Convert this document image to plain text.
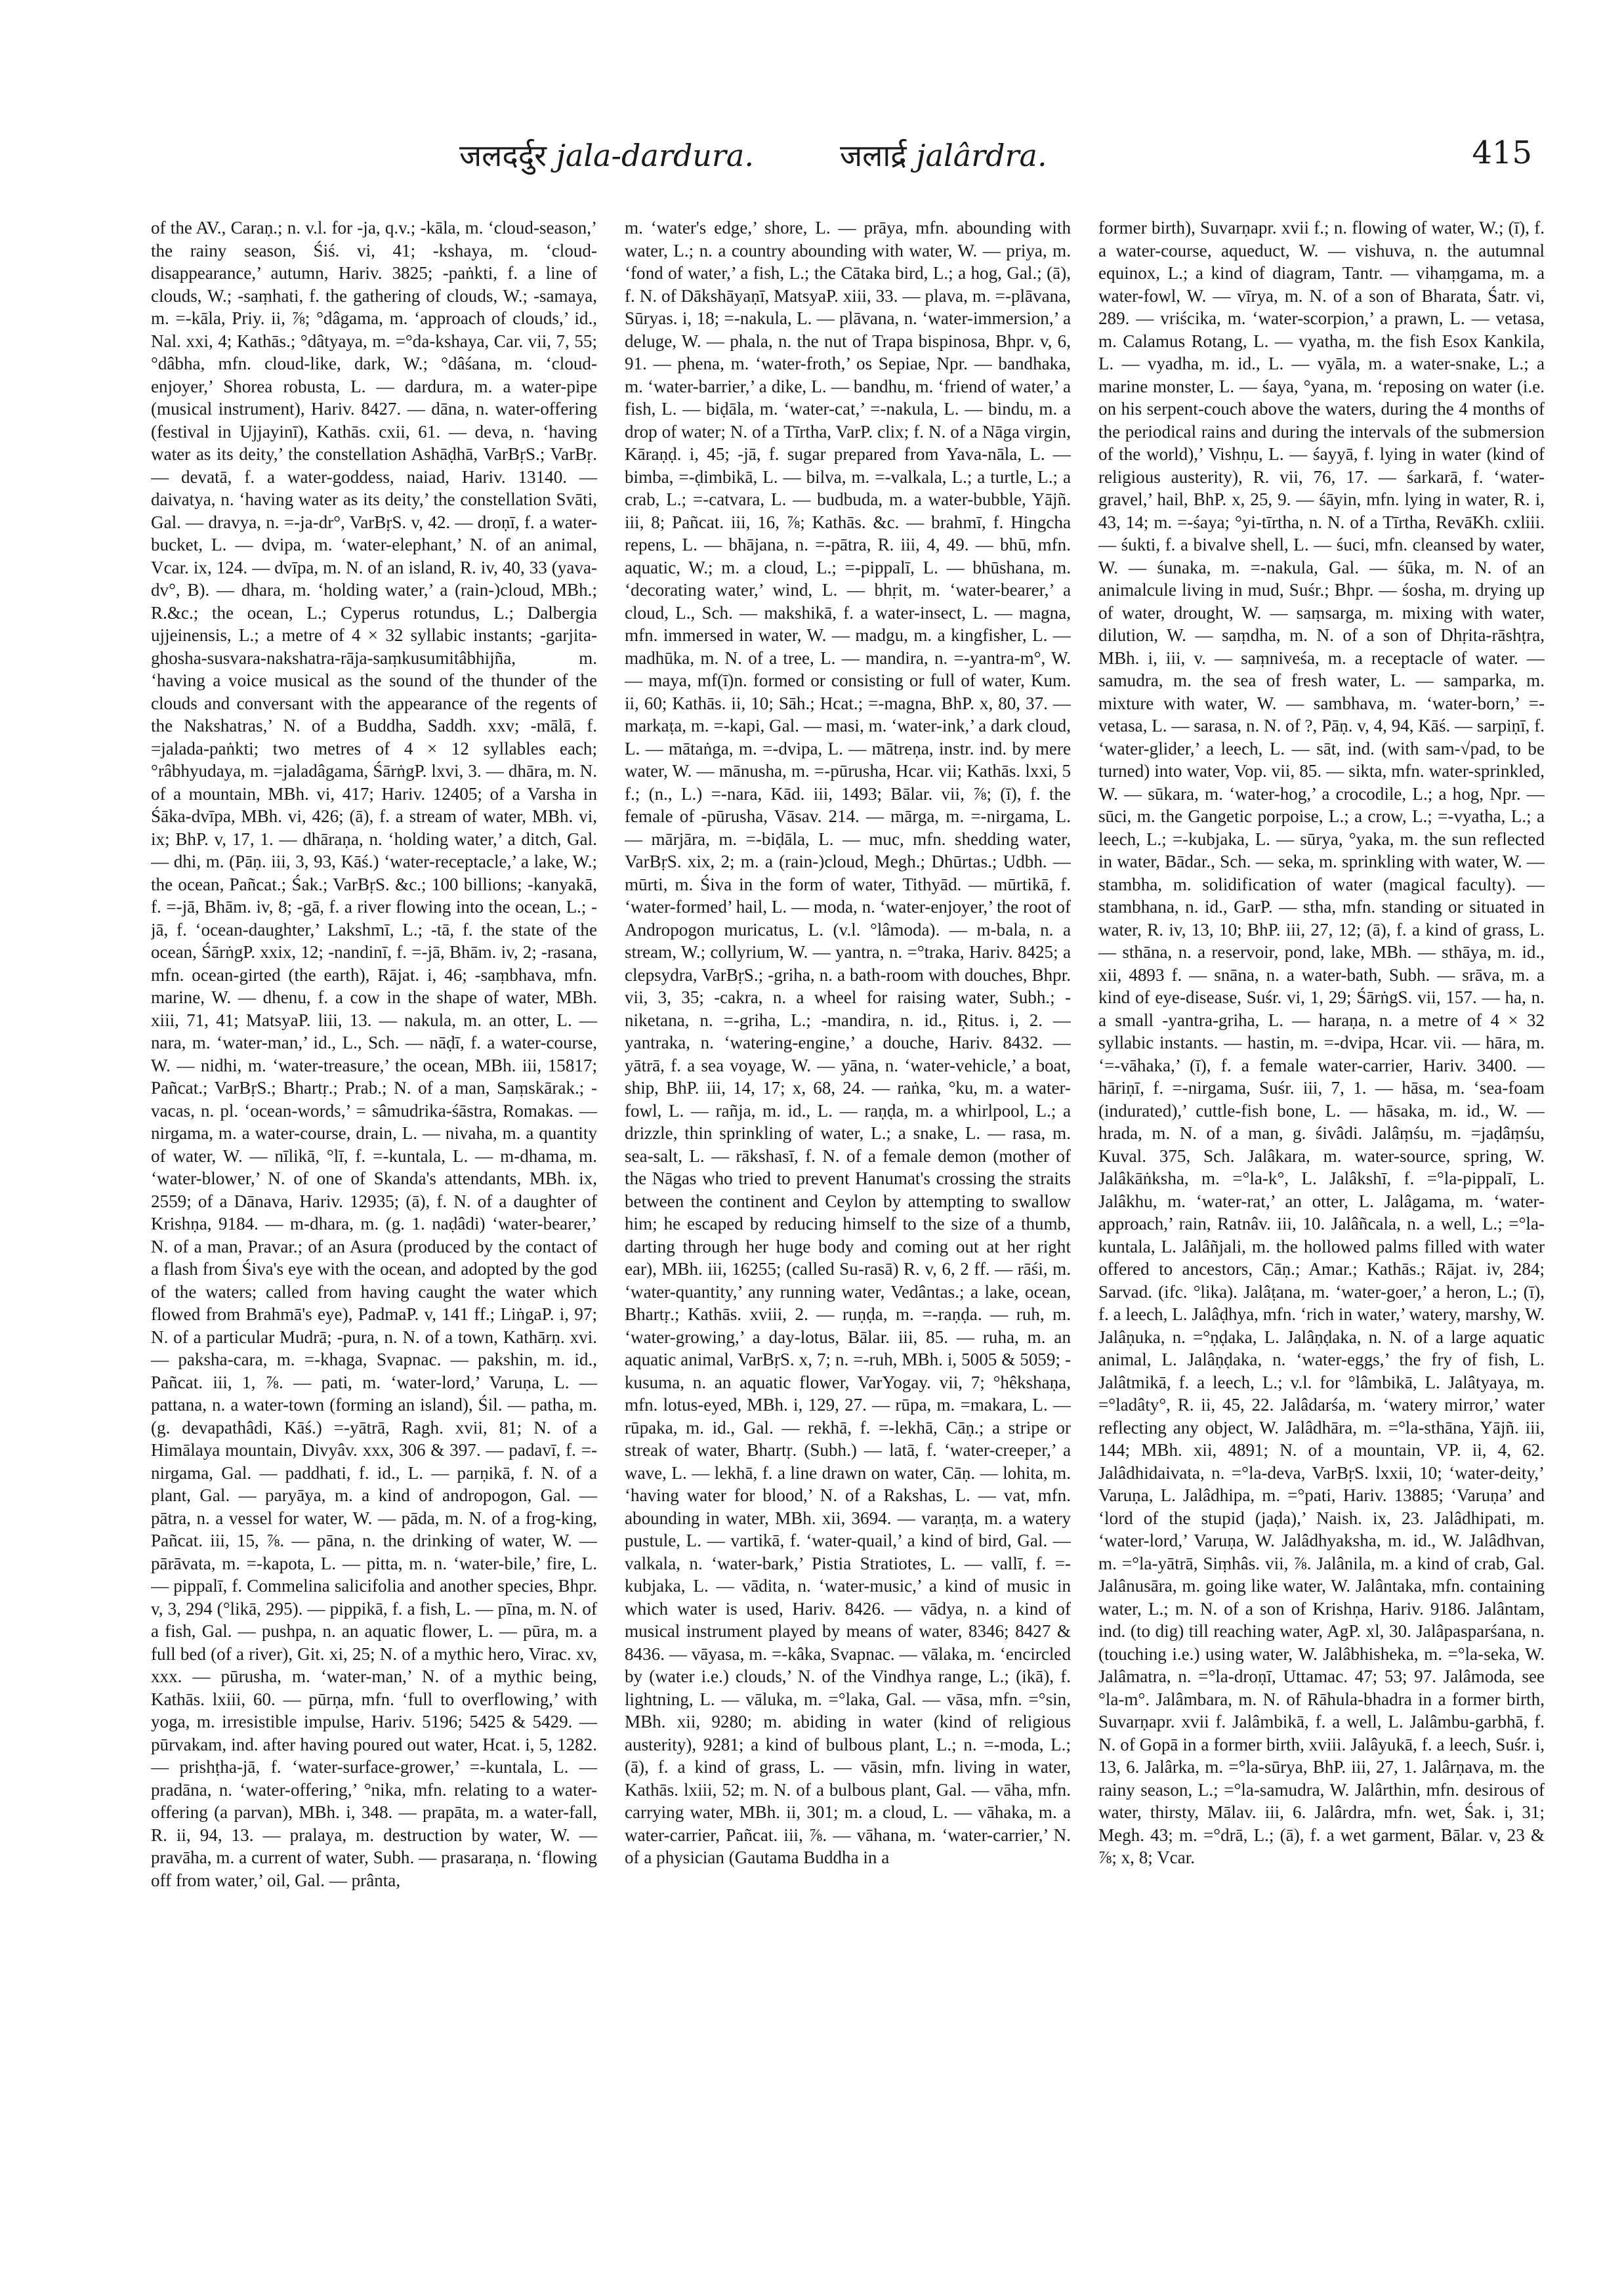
जलदर्दुर jala-dardura.	जलार्द्र jalârdra.	415

of the AV., Caraṇ.; n. v.l. for -ja, q.v.; -kāla, m. ‘cloud-season,’ the rainy season, Śiś. vi, 41; -kshaya, m. ‘cloud-disappearance,’ autumn, Hariv. 3825; -paṅkti, f. a line of clouds, W.; -saṃhati, f. the gathering of clouds, W.; -samaya, m. =-kāla, Priy. ii, ⅞; °dâgama, m. ‘approach of clouds,’ id., Nal. xxi, 4; Kathās.; °dâtyaya, m. =°da-kshaya, Car. vii, 7, 55; °dâbha, mfn. cloud-like, dark, W.; °dâśana, m. ‘cloud-enjoyer,’ Shorea robusta, L. — dardura, m. a water-pipe (musical instrument), Hariv. 8427. — dāna, n. water-offering (festival in Ujjayinī), Kathās. cxii, 61. — deva, n. ‘having water as its deity,’ the constellation Ashāḍhā, VarBṛS.; VarBṛ. — devatā, f. a water-goddess, naiad, Hariv. 13140. — daivatya, n. ‘having water as its deity,’ the constellation Svāti, Gal. — dravya, n. =-ja-dr°, VarBṛS. v, 42. — droṇī, f. a water-bucket, L. — dvipa, m. ‘water-elephant,’ N. of an animal, Vcar. ix, 124. — dvīpa, m. N. of an island, R. iv, 40, 33 (yava-dv°, B). — dhara, m. ‘holding water,’ a (rain-)cloud, MBh.; R.&c.; the ocean, L.; Cyperus rotundus, L.; Dalbergia ujjeinensis, L.; a metre of 4 × 32 syllabic instants; -garjita-ghosha-susvara-nakshatra-rāja-saṃkusumitâbhijña, m. ‘having a voice musical as the sound of the thunder of the clouds and conversant with the appearance of the regents of the Nakshatras,’ N. of a Buddha, Saddh. xxv; -mālā, f. =jalada-paṅkti; two metres of 4 × 12 syllables each; °râbhyudaya, m. =jaladâgama, ŚārṅgP. lxvi, 3. — dhāra, m. N. of a mountain, MBh. vi, 417; Hariv. 12405; of a Varsha in Śāka-dvīpa, MBh. vi, 426; (ā), f. a stream of water, MBh. vi, ix; BhP. v, 17, 1. — dhāraṇa, n. ‘holding water,’ a ditch, Gal. — dhi, m. (Pāṇ. iii, 3, 93, Kāś.) ‘water-receptacle,’ a lake, W.; the ocean, Pañcat.; Śak.; VarBṛS. &c.; 100 billions; -kanyakā, f. =-jā, Bhām. iv, 8; -gā, f. a river flowing into the ocean, L.; -jā, f. ‘ocean-daughter,’ Lakshmī, L.; -tā, f. the state of the ocean, ŚārṅgP. xxix, 12; -nandinī, f. =-jā, Bhām. iv, 2; -rasana, mfn. ocean-girted (the earth), Rājat. i, 46; -saṃbhava, mfn. marine, W. — dhenu, f. a cow in the shape of water, MBh. xiii, 71, 41; MatsyaP. liii, 13. — nakula, m. an otter, L. — nara, m. ‘water-man,’ id., L., Sch. — nāḍī, f. a water-course, W. — nidhi, m. ‘water-treasure,’ the ocean, MBh. iii, 15817; Pañcat.; VarBṛS.; Bhartṛ.; Prab.; N. of a man, Saṃskārak.; -vacas, n. pl. ‘ocean-words,’ = sâmudrika-śāstra, Romakas. — nirgama, m. a water-course, drain, L. — nivaha, m. a quantity of water, W. — nīlikā, °lī, f. =-kuntala, L. — m-dhama, m. ‘water-blower,’ N. of one of Skanda's attendants, MBh. ix, 2559; of a Dānava, Hariv. 12935; (ā), f. N. of a daughter of Krishṇa, 9184. — m-dhara, m. (g. 1. naḍâdi) ‘water-bearer,’ N. of a man, Pravar.; of an Asura (produced by the contact of a flash from Śiva's eye with the ocean, and adopted by the god of the waters; called from having caught the water which flowed from Brahmā's eye), PadmaP. v, 141 ff.; LiṅgaP. i, 97; N. of a particular Mudrā; -pura, n. N. of a town, Kathārṇ. xvi. — paksha-cara, m. =-khaga, Svapnac. — pakshin, m. id., Pañcat. iii, 1, ⅞. — pati, m. ‘water-lord,’ Varuṇa, L. — pattana, n. a water-town (forming an island), Śil. — patha, m. (g. devapathâdi, Kāś.) =-yātrā, Ragh. xvii, 81; N. of a Himālaya mountain, Divyâv. xxx, 306 & 397. — padavī, f. =-nirgama, Gal. — paddhati, f. id., L. — parṇikā, f. N. of a plant, Gal. — paryāya, m. a kind of andropogon, Gal. — pātra, n. a vessel for water, W. — pāda, m. N. of a frog-king, Pañcat. iii, 15, ⅞. — pāna, n. the drinking of water, W. — pārāvata, m. =-kapota, L. — pitta, m. n. ‘water-bile,’ fire, L. — pippalī, f. Commelina salicifolia and another species, Bhpr. v, 3, 294 (°likā, 295). — pippikā, f. a fish, L. — pīna, m. N. of a fish, Gal. — pushpa, n. an aquatic flower, L. — pūra, m. a full bed (of a river), Git. xi, 25; N. of a mythic hero, Virac. xv, xxx. — pūrusha, m. ‘water-man,’ N. of a mythic being, Kathās. lxiii, 60. — pūrṇa, mfn. ‘full to overflowing,’ with yoga, m. irresistible impulse, Hariv. 5196; 5425 & 5429. — pūrvakam, ind. after having poured out water, Hcat. i, 5, 1282. — prishṭha-jā, f. ‘water-surface-grower,’ =-kuntala, L. — pradāna, n. ‘water-offering,’ °nika, mfn. relating to a water-offering (a parvan), MBh. i, 348. — prapāta, m. a water-fall, R. ii, 94, 13. — pralaya, m. destruction by water, W. — pravāha, m. a current of water, Subh. — prasaraṇa, n. ‘flowing off from water,’ oil, Gal. — prânta,

m. ‘water's edge,’ shore, L. — prāya, mfn. abounding with water, L.; n. a country abounding with water, W. — priya, m. ‘fond of water,’ a fish, L.; the Cātaka bird, L.; a hog, Gal.; (ā), f. N. of Dākshāyaṇī, MatsyaP. xiii, 33. — plava, m. =-plāvana, Sūryas. i, 18; =-nakula, L. — plāvana, n. ‘water-immersion,’ a deluge, W. — phala, n. the nut of Trapa bispinosa, Bhpr. v, 6, 91. — phena, m. ‘water-froth,’ os Sepiae, Npr. — bandhaka, m. ‘water-barrier,’ a dike, L. — bandhu, m. ‘friend of water,’ a fish, L. — biḍāla, m. ‘water-cat,’ =-nakula, L. — bindu, m. a drop of water; N. of a Tīrtha, VarP. clix; f. N. of a Nāga virgin, Kāraṇḍ. i, 45; -jā, f. sugar prepared from Yava-nāla, L. — bimba, =-ḍimbikā, L. — bilva, m. =-valkala, L.; a turtle, L.; a crab, L.; =-catvara, L. — budbuda, m. a water-bubble, Yājñ. iii, 8; Pañcat. iii, 16, ⅞; Kathās. &c. — brahmī, f. Hingcha repens, L. — bhājana, n. =-pātra, R. iii, 4, 49. — bhū, mfn. aquatic, W.; m. a cloud, L.; =-pippalī, L. — bhūshana, m. ‘decorating water,’ wind, L. — bhṛit, m. ‘water-bearer,’ a cloud, L., Sch. — makshikā, f. a water-insect, L. — magna, mfn. immersed in water, W. — madgu, m. a kingfisher, L. — madhūka, m. N. of a tree, L. — mandira, n. =-yantra-m°, W. — maya, mf(ī)n. formed or consisting or full of water, Kum. ii, 60; Kathās. ii, 10; Sāh.; Hcat.; =-magna, BhP. x, 80, 37. — markaṭa, m. =-kapi, Gal. — masi, m. ‘water-ink,’ a dark cloud, L. — mātaṅga, m. =-dvipa, L. — mātreṇa, instr. ind. by mere water, W. — mānusha, m. =-pūrusha, Hcar. vii; Kathās. lxxi, 5 f.; (n., L.) =-nara, Kād. iii, 1493; Bālar. vii, ⅞; (ī), f. the female of -pūrusha, Vāsav. 214. — mārga, m. =-nirgama, L. — mārjāra, m. =-biḍāla, L. — muc, mfn. shedding water, VarBṛS. xix, 2; m. a (rain-)cloud, Megh.; Dhūrtas.; Udbh. — mūrti, m. Śiva in the form of water, Tithyād. — mūrtikā, f. ‘water-formed’ hail, L. — moda, n. ‘water-enjoyer,’ the root of Andropogon muricatus, L. (v.l. °lâmoda). — m-bala, n. a stream, W.; collyrium, W. — yantra, n. =°traka, Hariv. 8425; a clepsydra, VarBṛS.; -griha, n. a bath-room with douches, Bhpr. vii, 3, 35; -cakra, n. a wheel for raising water, Subh.; -niketana, n. =-griha, L.; -mandira, n. id., Ṛitus. i, 2. — yantraka, n. ‘watering-engine,’ a douche, Hariv. 8432. — yātrā, f. a sea voyage, W. — yāna, n. ‘water-vehicle,’ a boat, ship, BhP. iii, 14, 17; x, 68, 24. — raṅka, °ku, m. a water-fowl, L. — rañja, m. id., L. — raṇḍa, m. a whirlpool, L.; a drizzle, thin sprinkling of water, L.; a snake, L. — rasa, m. sea-salt, L. — rākshasī, f. N. of a female demon (mother of the Nāgas who tried to prevent Hanumat's crossing the straits between the continent and Ceylon by attempting to swallow him; he escaped by reducing himself to the size of a thumb, darting through her huge body and coming out at her right ear), MBh. iii, 16255; (called Su-rasā) R. v, 6, 2 ff. — rāśi, m. ‘water-quantity,’ any running water, Vedântas.; a lake, ocean, Bhartṛ.; Kathās. xviii, 2. — ruṇḍa, m. =-raṇḍa. — ruh, m. ‘water-growing,’ a day-lotus, Bālar. iii, 85. — ruha, m. an aquatic animal, VarBṛS. x, 7; n. =-ruh, MBh. i, 5005 & 5059; -kusuma, n. an aquatic flower, VarYogay. vii, 7; °hêkshaṇa, mfn. lotus-eyed, MBh. i, 129, 27. — rūpa, m. =makara, L. — rūpaka, m. id., Gal. — rekhā, f. =-lekhā, Cāṇ.; a stripe or streak of water, Bhartṛ. (Subh.) — latā, f. ‘water-creeper,’ a wave, L. — lekhā, f. a line drawn on water, Cāṇ. — lohita, m. ‘having water for blood,’ N. of a Rakshas, L. — vat, mfn. abounding in water, MBh. xii, 3694. — varaṇṭa, m. a watery pustule, L. — vartikā, f. ‘water-quail,’ a kind of bird, Gal. — valkala, n. ‘water-bark,’ Pistia Stratiotes, L. — vallī, f. =-kubjaka, L. — vādita, n. ‘water-music,’ a kind of music in which water is used, Hariv. 8426. — vādya, n. a kind of musical instrument played by means of water, 8346; 8427 & 8436. — vāyasa, m. =-kâka, Svapnac. — vālaka, m. ‘encircled by (water i.e.) clouds,’ N. of the Vindhya range, L.; (ikā), f. lightning, L. — vāluka, m. =°laka, Gal. — vāsa, mfn. =°sin, MBh. xii, 9280; m. abiding in water (kind of religious austerity), 9281; a kind of bulbous plant, L.; n. =-moda, L.; (ā), f. a kind of grass, L. — vāsin, mfn. living in water, Kathās. lxiii, 52; m. N. of a bulbous plant, Gal. — vāha, mfn. carrying water, MBh. ii, 301; m. a cloud, L. — vāhaka, m. a water-carrier, Pañcat. iii, ⅞. — vāhana, m. ‘water-carrier,’ N. of a physician (Gautama Buddha in a

former birth), Suvarṇapr. xvii f.; n. flowing of water, W.; (ī), f. a water-course, aqueduct, W. — vishuva, n. the autumnal equinox, L.; a kind of diagram, Tantr. — vihaṃgama, m. a water-fowl, W. — vīrya, m. N. of a son of Bharata, Śatr. vi, 289. — vriścika, m. ‘water-scorpion,’ a prawn, L. — vetasa, m. Calamus Rotang, L. — vyatha, m. the fish Esox Kankila, L. — vyadha, m. id., L. — vyāla, m. a water-snake, L.; a marine monster, L. — śaya, °yana, m. ‘reposing on water (i.e. on his serpent-couch above the waters, during the 4 months of the periodical rains and during the intervals of the submersion of the world),’ Vishṇu, L. — śayyā, f. lying in water (kind of religious austerity), R. vii, 76, 17. — śarkarā, f. ‘water-gravel,’ hail, BhP. x, 25, 9. — śāyin, mfn. lying in water, R. i, 43, 14; m. =-śaya; °yi-tīrtha, n. N. of a Tīrtha, RevāKh. cxliii. — śukti, f. a bivalve shell, L. — śuci, mfn. cleansed by water, W. — śunaka, m. =-nakula, Gal. — śūka, m. N. of an animalcule living in mud, Suśr.; Bhpr. — śosha, m. drying up of water, drought, W. — saṃsarga, m. mixing with water, dilution, W. — saṃdha, m. N. of a son of Dhṛita-rāshṭra, MBh. i, iii, v. — saṃniveśa, m. a receptacle of water. — samudra, m. the sea of fresh water, L. — samparka, m. mixture with water, W. — sambhava, m. ‘water-born,’ =-vetasa, L. — sarasa, n. N. of ?, Pāṇ. v, 4, 94, Kāś. — sarpiṇī, f. ‘water-glider,’ a leech, L. — sāt, ind. (with sam-√pad, to be turned) into water, Vop. vii, 85. — sikta, mfn. water-sprinkled, W. — sūkara, m. ‘water-hog,’ a crocodile, L.; a hog, Npr. — sūci, m. the Gangetic porpoise, L.; a crow, L.; =-vyatha, L.; a leech, L.; =-kubjaka, L. — sūrya, °yaka, m. the sun reflected in water, Bādar., Sch. — seka, m. sprinkling with water, W. — stambha, m. solidification of water (magical faculty). — stambhana, n. id., GarP. — stha, mfn. standing or situated in water, R. iv, 13, 10; BhP. iii, 27, 12; (ā), f. a kind of grass, L. — sthāna, n. a reservoir, pond, lake, MBh. — sthāya, m. id., xii, 4893 f. — snāna, n. a water-bath, Subh. — srāva, m. a kind of eye-disease, Suśr. vi, 1, 29; ŚārṅgS. vii, 157. — ha, n. a small -yantra-griha, L. — haraṇa, n. a metre of 4 × 32 syllabic instants. — hastin, m. =-dvipa, Hcar. vii. — hāra, m. ‘=-vāhaka,’ (ī), f. a female water-carrier, Hariv. 3400. — hāriṇī, f. =-nirgama, Suśr. iii, 7, 1. — hāsa, m. ‘sea-foam (indurated),’ cuttle-fish bone, L. — hāsaka, m. id., W. — hrada, m. N. of a man, g. śivâdi. Jalâṃśu, m. =jaḍâṃśu, Kuval. 375, Sch. Jalâkara, m. water-source, spring, W. Jalâkāṅksha, m. =°la-k°, L. Jalâkshī, f. =°la-pippalī, L. Jalâkhu, m. ‘water-rat,’ an otter, L. Jalâgama, m. ‘water-approach,’ rain, Ratnâv. iii, 10. Jalâñcala, n. a well, L.; =°la-kuntala, L. Jalâñjali, m. the hollowed palms filled with water offered to ancestors, Cāṇ.; Amar.; Kathās.; Rājat. iv, 284; Sarvad. (ifc. °lika). Jalâṭana, m. ‘water-goer,’ a heron, L.; (ī), f. a leech, L. Jalâḍhya, mfn. ‘rich in water,’ watery, marshy, W. Jalâṇuka, n. =°ṇḍaka, L. Jalâṇḍaka, n. N. of a large aquatic animal, L. Jalâṇḍaka, n. ‘water-eggs,’ the fry of fish, L. Jalâtmikā, f. a leech, L.; v.l. for °lâmbikā, L. Jalâtyaya, m. =°ladâty°, R. ii, 45, 22. Jalâdarśa, m. ‘watery mirror,’ water reflecting any object, W. Jalâdhāra, m. =°la-sthāna, Yājñ. iii, 144; MBh. xii, 4891; N. of a mountain, VP. ii, 4, 62. Jalâdhidaivata, n. =°la-deva, VarBṛS. lxxii, 10; ‘water-deity,’ Varuṇa, L. Jalâdhipa, m. =°pati, Hariv. 13885; ‘Varuṇa’ and ‘lord of the stupid (jaḍa),’ Naish. ix, 23. Jalâdhipati, m. ‘water-lord,’ Varuṇa, W. Jalâdhyaksha, m. id., W. Jalâdhvan, m. =°la-yātrā, Siṃhâs. vii, ⅞. Jalânila, m. a kind of crab, Gal. Jalânusāra, m. going like water, W. Jalântaka, mfn. containing water, L.; m. N. of a son of Krishṇa, Hariv. 9186. Jalântam, ind. (to dig) till reaching water, AgP. xl, 30. Jalâpasparśana, n. (touching i.e.) using water, W. Jalâbhisheka, m. =°la-seka, W. Jalâmatra, n. =°la-droṇī, Uttamac. 47; 53; 97. Jalâmoda, see °la-m°. Jalâmbara, m. N. of Rāhula-bhadra in a former birth, Suvarṇapr. xvii f. Jalâmbikā, f. a well, L. Jalâmbu-garbhā, f. N. of Gopā in a former birth, xviii. Jalâyukā, f. a leech, Suśr. i, 13, 6. Jalârka, m. =°la-sūrya, BhP. iii, 27, 1. Jalârṇava, m. the rainy season, L.; =°la-samudra, W. Jalârthin, mfn. desirous of water, thirsty, Mālav. iii, 6. Jalârdra, mfn. wet, Śak. i, 31; Megh. 43; m. =°drā, L.; (ā), f. a wet garment, Bālar. v, 23 & ⅞; x, 8; Vcar.
